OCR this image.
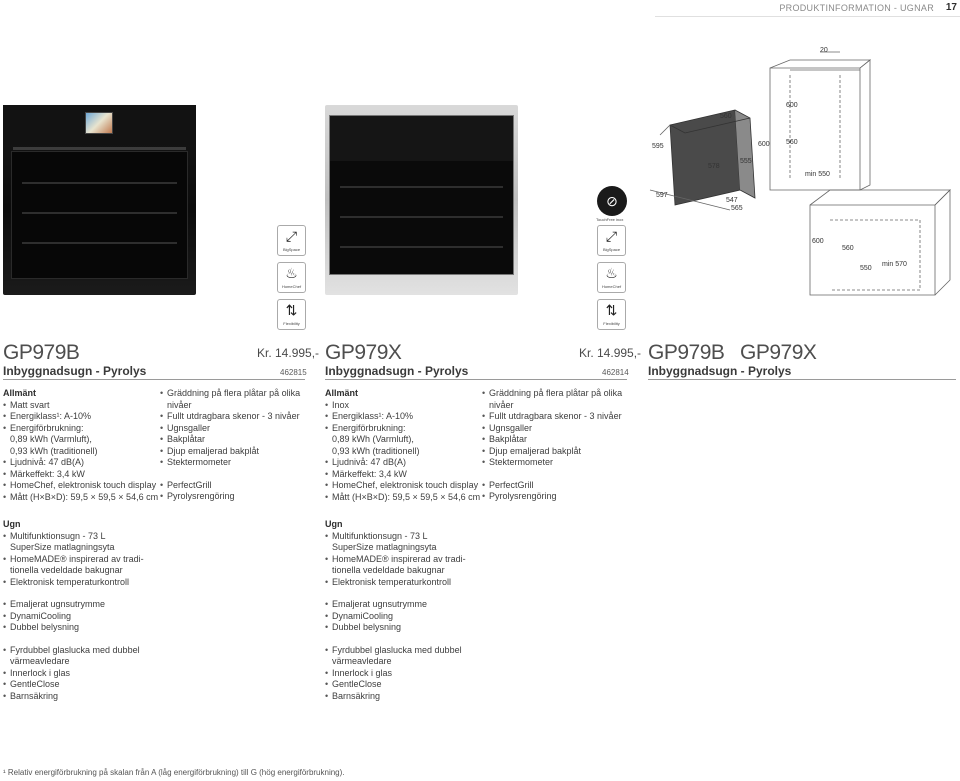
PRODUKTINFORMATION - UGNAR 17
⤢
BigSpace
♨
HomeChef
⇅
Flexibility
⊘
TouchFree inox
⤢
BigSpace
♨
HomeChef
⇅
Flexibility
20
560
600
595
578
555
600 560
min 550
597
547
565
600
560
550
min 570
GP979B	Kr. 14.995,-
Inbyggnadsugn - Pyrolys	462815
GP979X	Kr. 14.995,-
Inbyggnadsugn - Pyrolys	462814
GP979B GP979X
Inbyggnadsugn - Pyrolys
Allmänt
• Matt svart
• Energiklass¹: A-10%
• Energiförbrukning:
0,89 kWh (Varmluft),
0,93 kWh (traditionell)
• Ljudnivå: 47 dB(A)
• Märkeffekt: 3,4 kW
• HomeChef, elektronisk touch display
• Mått (H×B×D): 59,5 × 59,5 × 54,6 cm
Ugn
• Multifunktionsugn - 73 L
SuperSize matlagningsyta
• HomeMADE® inspirerad av tradi-
tionella vedeldade bakugnar
• Elektronisk temperaturkontroll
• Emaljerat ugnsutrymme
• DynamiCooling
• Dubbel belysning
• Fyrdubbel glaslucka med dubbel
värmeavledare
• Innerlock i glas
• GentleClose
• Barnsäkring
• Gräddning på flera plåtar på olika
nivåer
• Fullt utdragbara skenor - 3 nivåer
• Ugnsgaller
• Bakplåtar
• Djup emaljerad bakplåt
• Stektermometer
• PerfectGrill
• Pyrolysrengöring
Allmänt
• Inox
• Energiklass¹: A-10%
• Energiförbrukning:
0,89 kWh (Varmluft),
0,93 kWh (traditionell)
• Ljudnivå: 47 dB(A)
• Märkeffekt: 3,4 kW
• HomeChef, elektronisk touch display
• Mått (H×B×D): 59,5 × 59,5 × 54,6 cm
Ugn
• Multifunktionsugn - 73 L
SuperSize matlagningsyta
• HomeMADE® inspirerad av tradi-
tionella vedeldade bakugnar
• Elektronisk temperaturkontroll
• Emaljerat ugnsutrymme
• DynamiCooling
• Dubbel belysning
• Fyrdubbel glaslucka med dubbel
värmeavledare
• Innerlock i glas
• GentleClose
• Barnsäkring
• Gräddning på flera plåtar på olika
nivåer
• Fullt utdragbara skenor - 3 nivåer
• Ugnsgaller
• Bakplåtar
• Djup emaljerad bakplåt
• Stektermometer
• PerfectGrill
• Pyrolysrengöring
¹ Relativ energiförbrukning på skalan från A (låg energiförbrukning) till G (hög energiförbrukning).
